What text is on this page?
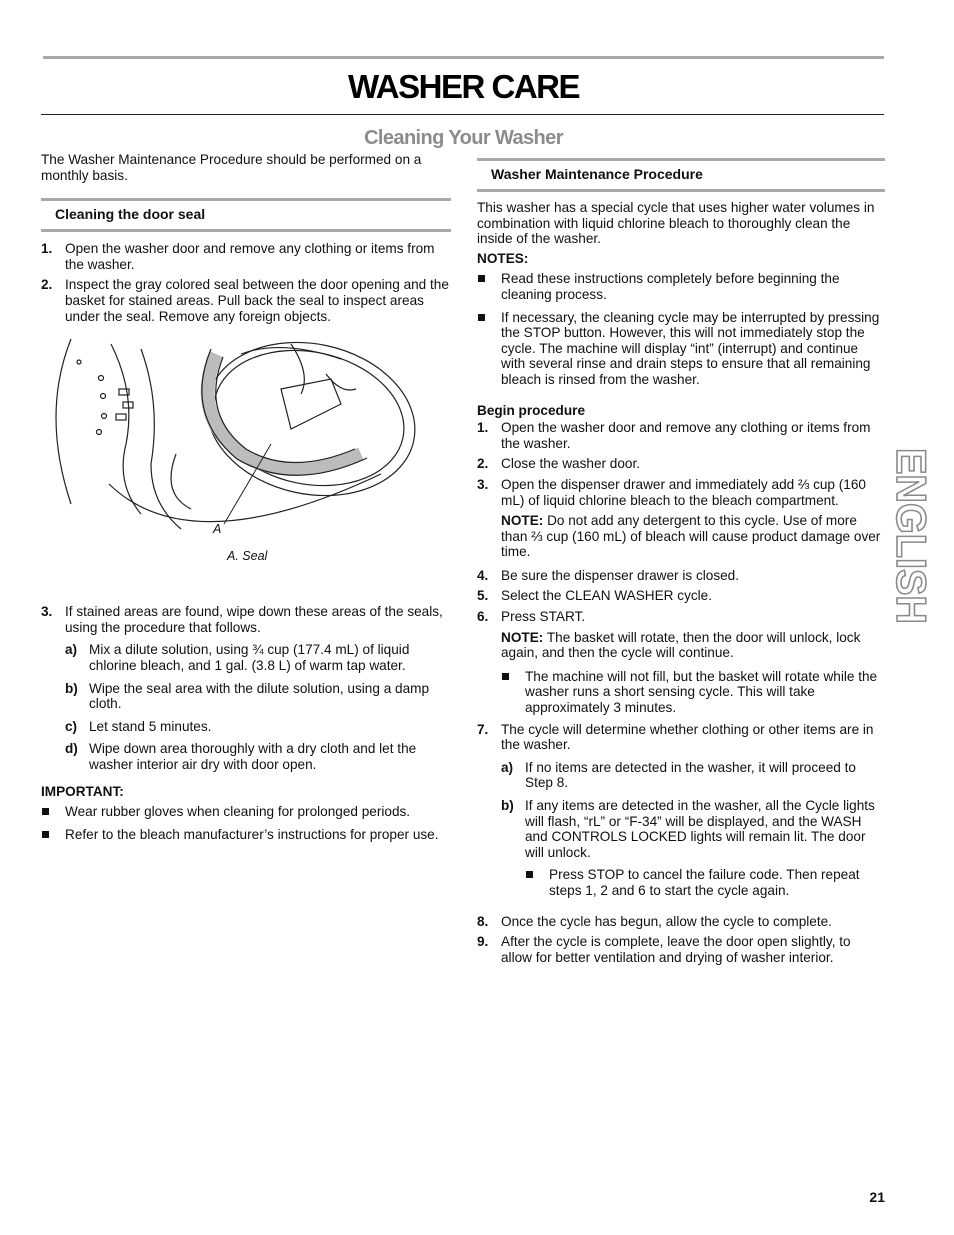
WASHER CARE
Cleaning Your Washer

The Washer Maintenance Procedure should be performed on a monthly basis.

Cleaning the door seal
1. Open the washer door and remove any clothing or items from the washer.
2. Inspect the gray colored seal between the door opening and the basket for stained areas. Pull back the seal to inspect areas under the seal. Remove any foreign objects.
A
A. Seal
3. If stained areas are found, wipe down these areas of the seals, using the procedure that follows.
a) Mix a dilute solution, using ¾ cup (177.4 mL) of liquid chlorine bleach, and 1 gal. (3.8 L) of warm tap water.
b) Wipe the seal area with the dilute solution, using a damp cloth.
c) Let stand 5 minutes.
d) Wipe down area thoroughly with a dry cloth and let the washer interior air dry with door open.
IMPORTANT:
Wear rubber gloves when cleaning for prolonged periods.
Refer to the bleach manufacturer’s instructions for proper use.
Washer Maintenance Procedure

This washer has a special cycle that uses higher water volumes in combination with liquid chlorine bleach to thoroughly clean the inside of the washer.

NOTES:
Read these instructions completely before beginning the cleaning process.
If necessary, the cleaning cycle may be interrupted by pressing the STOP button. However, this will not immediately stop the cycle. The machine will display “int” (interrupt) and continue with several rinse and drain steps to ensure that all remaining bleach is rinsed from the washer.
Begin procedure
1. Open the washer door and remove any clothing or items from the washer.
2. Close the washer door.
3. Open the dispenser drawer and immediately add ⅔ cup (160 mL) of liquid chlorine bleach to the bleach compartment.
NOTE: Do not add any detergent to this cycle. Use of more than ⅔ cup (160 mL) of bleach will cause product damage over time.
4. Be sure the dispenser drawer is closed.
5. Select the CLEAN WASHER cycle.
6. Press START.
NOTE: The basket will rotate, then the door will unlock, lock again, and then the cycle will continue.
The machine will not fill, but the basket will rotate while the washer runs a short sensing cycle. This will take approximately 3 minutes.
7. The cycle will determine whether clothing or other items are in the washer.
a) If no items are detected in the washer, it will proceed to Step 8.
b) If any items are detected in the washer, all the Cycle lights will flash, “rL” or “F-34” will be displayed, and the WASH and CONTROLS LOCKED lights will remain lit. The door will unlock.
Press STOP to cancel the failure code. Then repeat steps 1, 2 and 6 to start the cycle again.
8. Once the cycle has begun, allow the cycle to complete.
9. After the cycle is complete, leave the door open slightly, to allow for better ventilation and drying of washer interior.
ENGLISH
21
